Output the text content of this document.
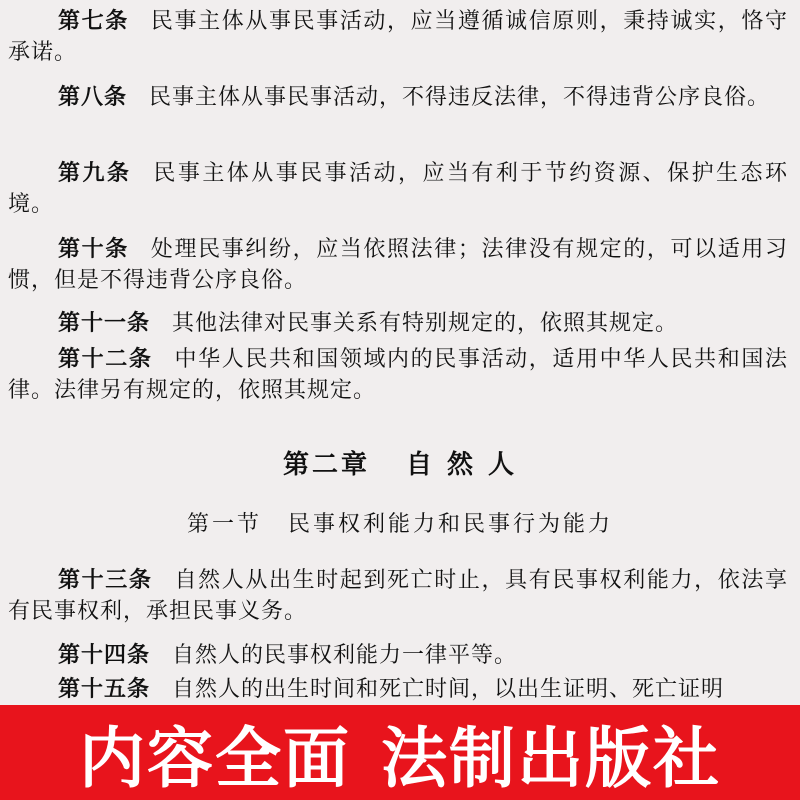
第七条 民事主体从事民事活动，应当遵循诚信原则，秉持诚实，恪守承诺。

第八条 民事主体从事民事活动，不得违反法律，不得违背公序良俗。

第九条 民事主体从事民事活动，应当有利于节约资源、保护生态环境。

第十条 处理民事纠纷，应当依照法律；法律没有规定的，可以适用习惯，但是不得违背公序良俗。

第十一条 其他法律对民事关系有特别规定的，依照其规定。

第十二条 中华人民共和国领域内的民事活动，适用中华人民共和国法律。法律另有规定的，依照其规定。

第二章 自 然 人
第一节 民事权利能力和民事行为能力

第十三条 自然人从出生时起到死亡时止，具有民事权利能力，依法享有民事权利，承担民事义务。

第十四条 自然人的民事权利能力一律平等。

第十五条 自然人的出生时间和死亡时间，以出生证明、死亡证明

内容全面 法制出版社
